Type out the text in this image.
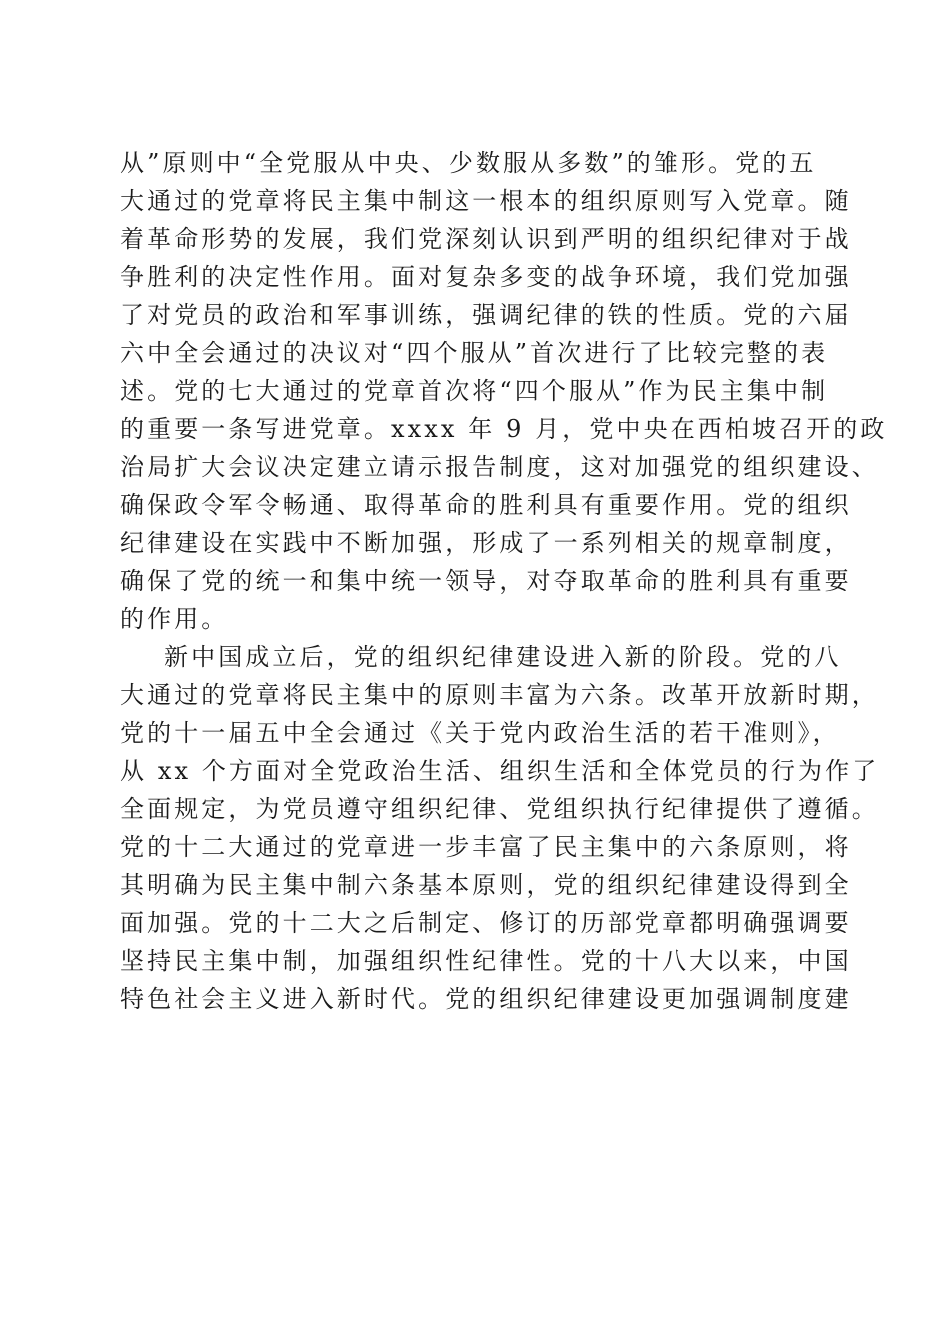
从”原则中“全党服从中央、少数服从多数”的雏形。党的五
大通过的党章将民主集中制这一根本的组织原则写入党章。随
着革命形势的发展，我们党深刻认识到严明的组织纪律对于战
争胜利的决定性作用。面对复杂多变的战争环境，我们党加强
了对党员的政治和军事训练，强调纪律的铁的性质。党的六届
六中全会通过的决议对“四个服从”首次进行了比较完整的表
述。党的七大通过的党章首次将“四个服从”作为民主集中制
的重要一条写进党章。xxxx 年 9 月，党中央在西柏坡召开的政
治局扩大会议决定建立请示报告制度，这对加强党的组织建设、
确保政令军令畅通、取得革命的胜利具有重要作用。党的组织
纪律建设在实践中不断加强，形成了一系列相关的规章制度，
确保了党的统一和集中统一领导，对夺取革命的胜利具有重要
的作用。
新中国成立后，党的组织纪律建设进入新的阶段。党的八
大通过的党章将民主集中的原则丰富为六条。改革开放新时期，
党的十一届五中全会通过《关于党内政治生活的若干准则》，
从 xx 个方面对全党政治生活、组织生活和全体党员的行为作了
全面规定，为党员遵守组织纪律、党组织执行纪律提供了遵循。
党的十二大通过的党章进一步丰富了民主集中的六条原则，将
其明确为民主集中制六条基本原则，党的组织纪律建设得到全
面加强。党的十二大之后制定、修订的历部党章都明确强调要
坚持民主集中制，加强组织性纪律性。党的十八大以来，中国
特色社会主义进入新时代。党的组织纪律建设更加强调制度建
